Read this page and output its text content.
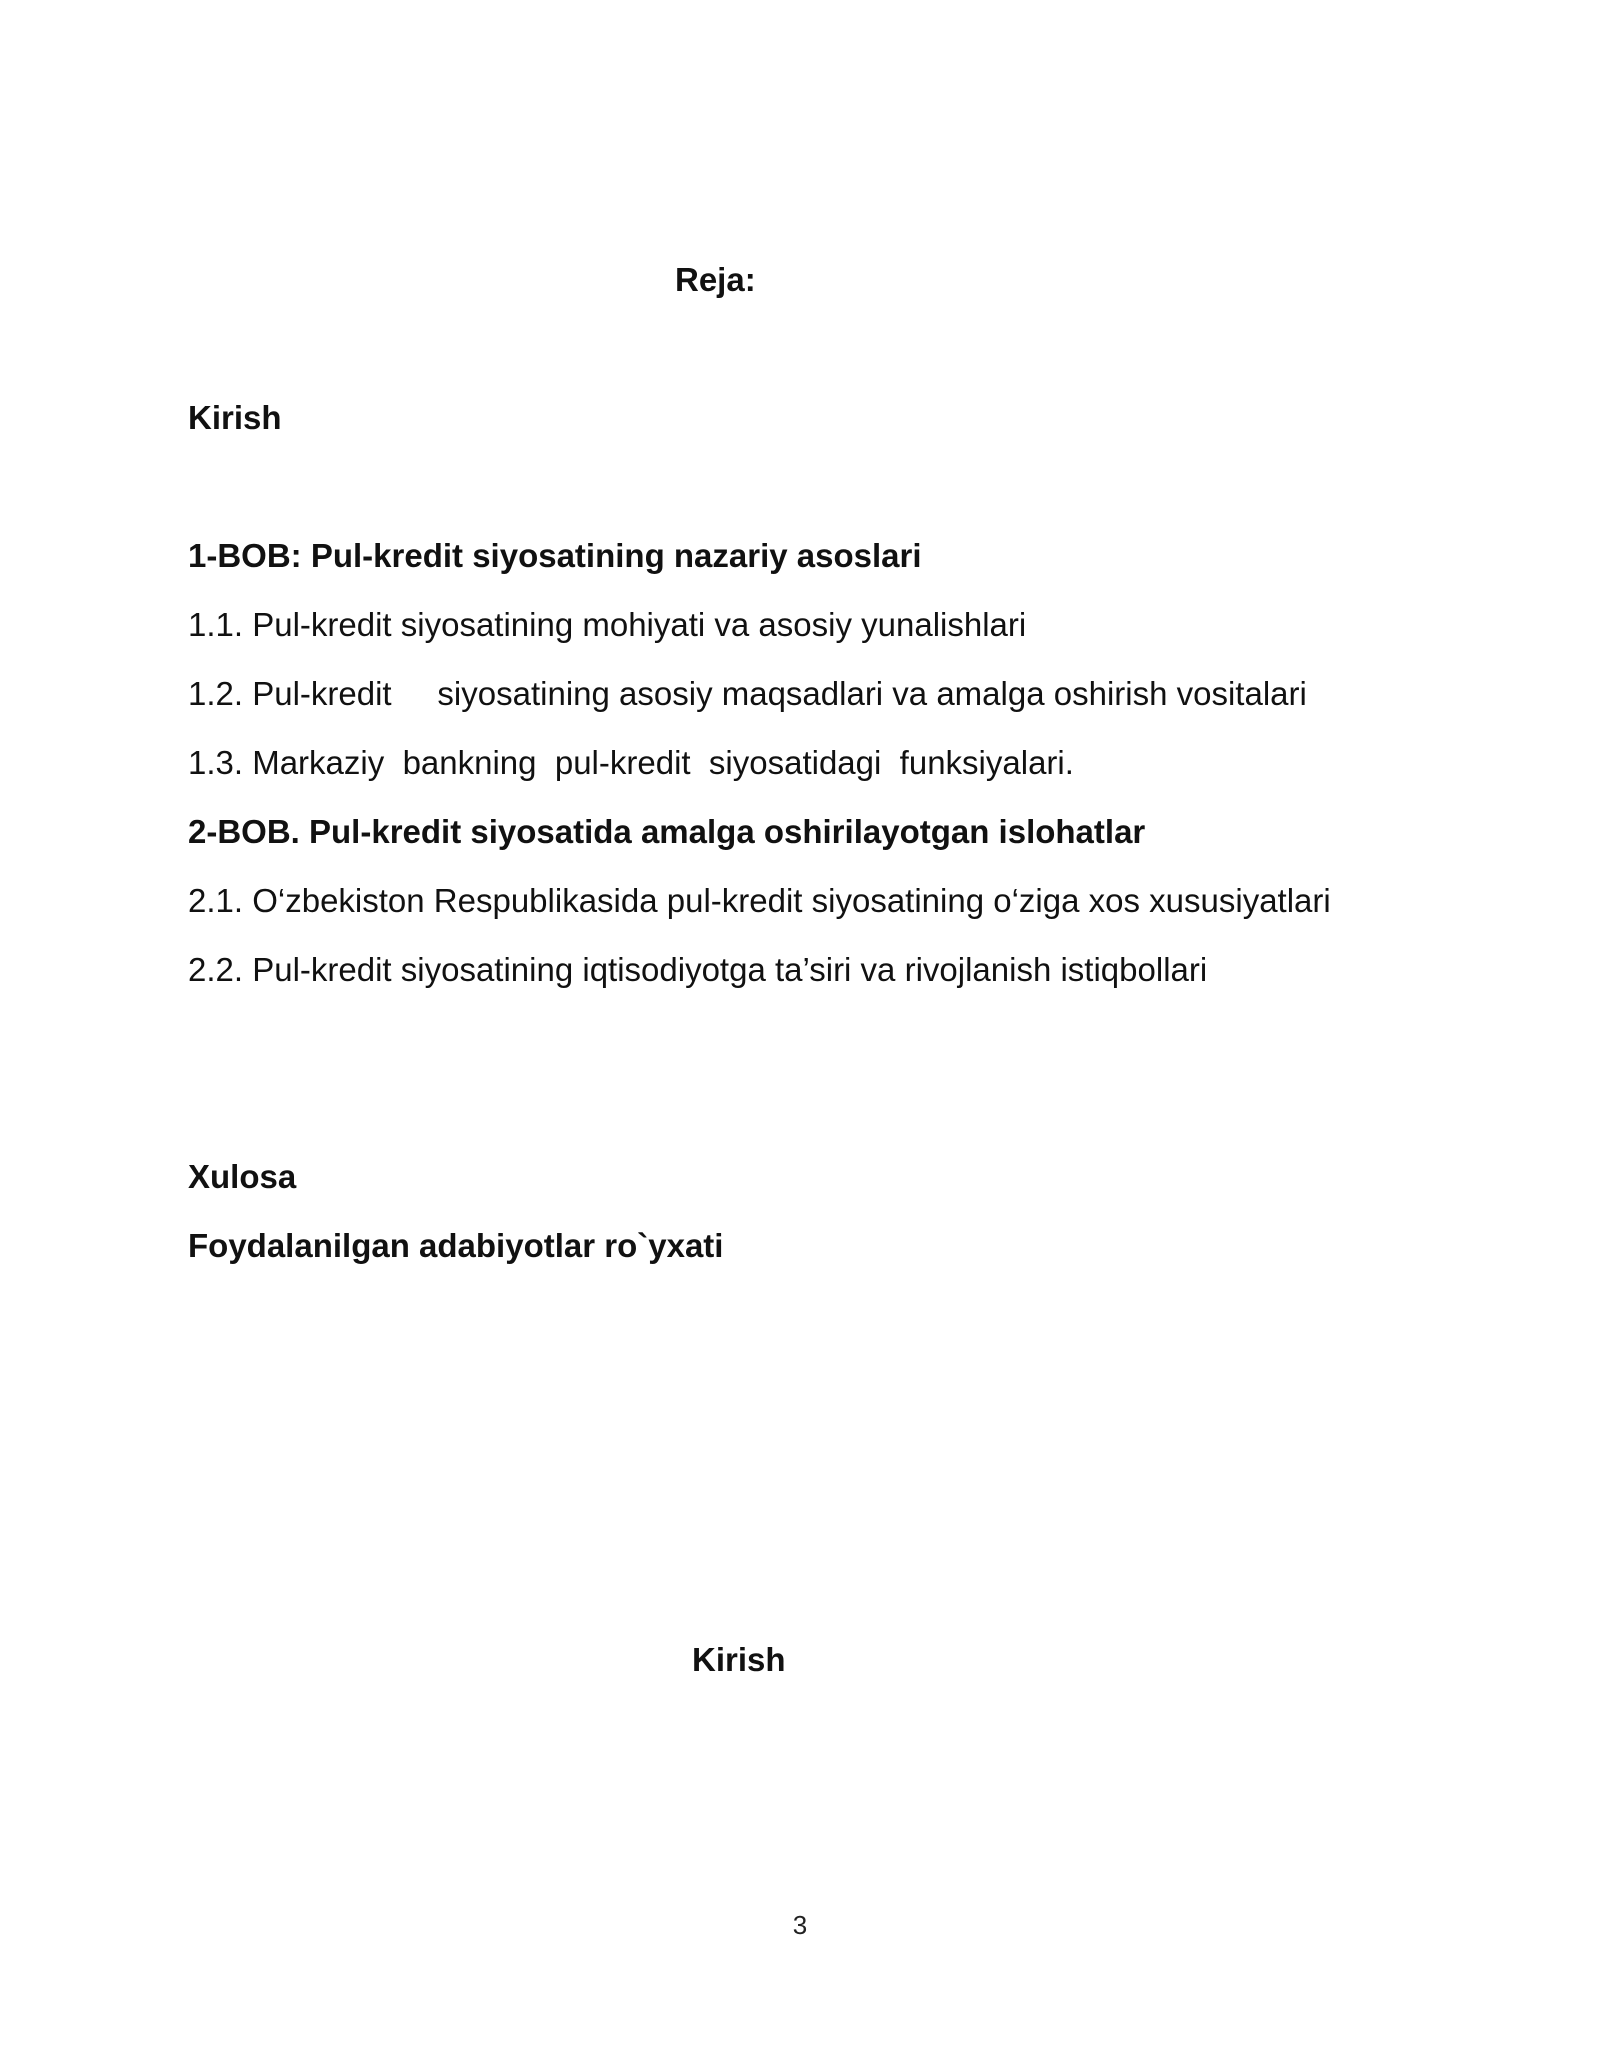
Reja:
Kirish
1-BOB: Pul-kredit siyosatining nazariy asoslari
1.1. Pul-kredit siyosatining mohiyati va asosiy yunalishlari
1.2. Pul-kredit     siyosatining asosiy maqsadlari va amalga oshirish vositalari
1.3. Markaziy  bankning  pul-kredit  siyosatidagi  funksiyalari.
2-BOB. Pul-kredit siyosatida amalga oshirilayotgan islohatlar
2.1. O‘zbekiston Respublikasida pul-kredit siyosatining o‘ziga xos xususiyatlari
2.2. Pul-kredit siyosatining iqtisodiyotga ta’siri va rivojlanish istiqbollari
Xulosa
Foydalanilgan adabiyotlar ro`yxati
Kirish
3
